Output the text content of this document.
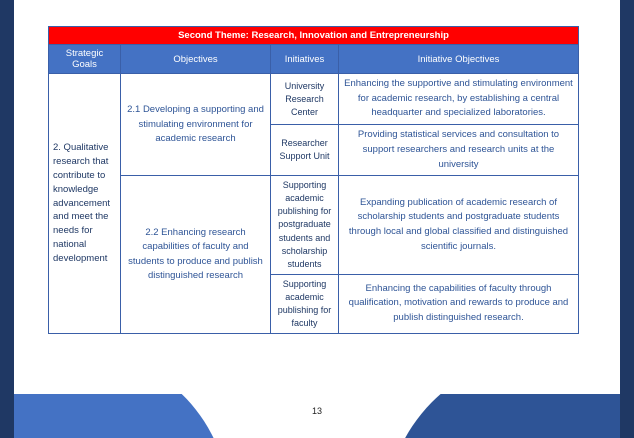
Second Theme: Research, Innovation and Entrepreneurship			
Strategic Goals	Objectives	Initiatives	Initiative Objectives
2. Qualitative research that contribute to knowledge advancement and meet the needs for national development	2.1 Developing a supporting and stimulating environment for academic research	University Research Center	Enhancing the supportive and stimulating environment for academic research, by establishing a central headquarter and specialized laboratories.
		Researcher Support Unit	Providing statistical services and consultation to support researchers and research units at the university
	2.2 Enhancing research capabilities of faculty and students to produce and publish distinguished research	Supporting academic publishing for postgraduate students and scholarship students	Expanding publication of academic research of scholarship students and postgraduate students through local and global classified and distinguished scientific journals.
		Supporting academic publishing for faculty	Enhancing the capabilities of faculty through qualification, motivation and rewards to produce and publish distinguished research.
13
